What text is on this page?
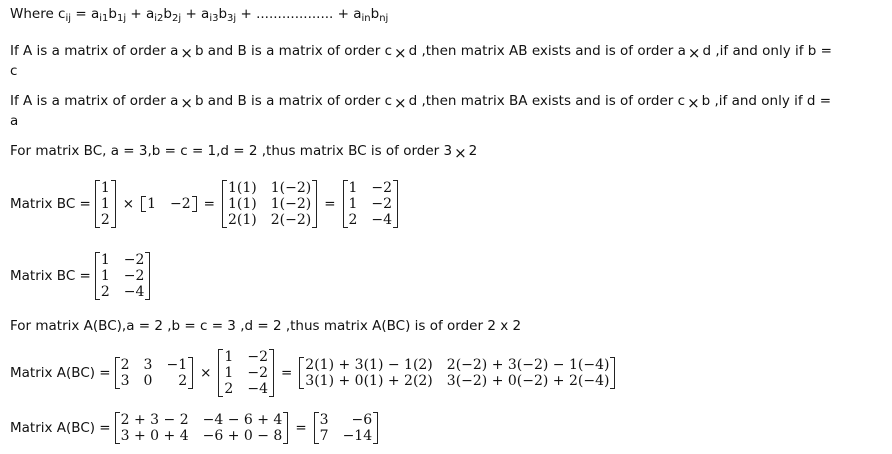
Where $c_{ij} = a_{i1}b_{1j} + a_{i2}b_{2j} + a_{i3}b_{3j}$ + .................. + $a_{in}b_{nj}$
If A is a matrix of order a × b and B is a matrix of order c × d ,then matrix AB exists and is of order a × d ,if and only if b =
c
If A is a matrix of order a × b and B is a matrix of order c × d ,then matrix BA exists and is of order c × b ,if and only if d =
a
For matrix BC, a = 3,b = c = 1,d = 2 ,thus matrix BC is of order 3 × 2
Matrix BC =
1
1
2
× 1 −2 =
1(1) 1(−2)
1(1) 1(−2)
2(1) 2(−2)
=
1 −2
1 −2
2 −4
Matrix BC =
1 −2
1 −2
2 −4
For matrix A(BC),a = 2 ,b = c = 3 ,d = 2 ,thus matrix A(BC) is of order 2 x 2
Matrix A(BC) = 2 3 −1
3 0	2 ×
1 −2
1 −2
2 −4
= 2(1) + 3(1) − 1(2) 2(−2) + 3(−2) − 1(−4)
3(1) + 0(1) + 2(2) 3(−2) + 0(−2) + 2(−4)
Matrix A(BC) = 2 + 3 − 2 −4 − 6 + 4
3 + 0 + 4 −6 + 0 − 8 = 3	−6
7 −14
